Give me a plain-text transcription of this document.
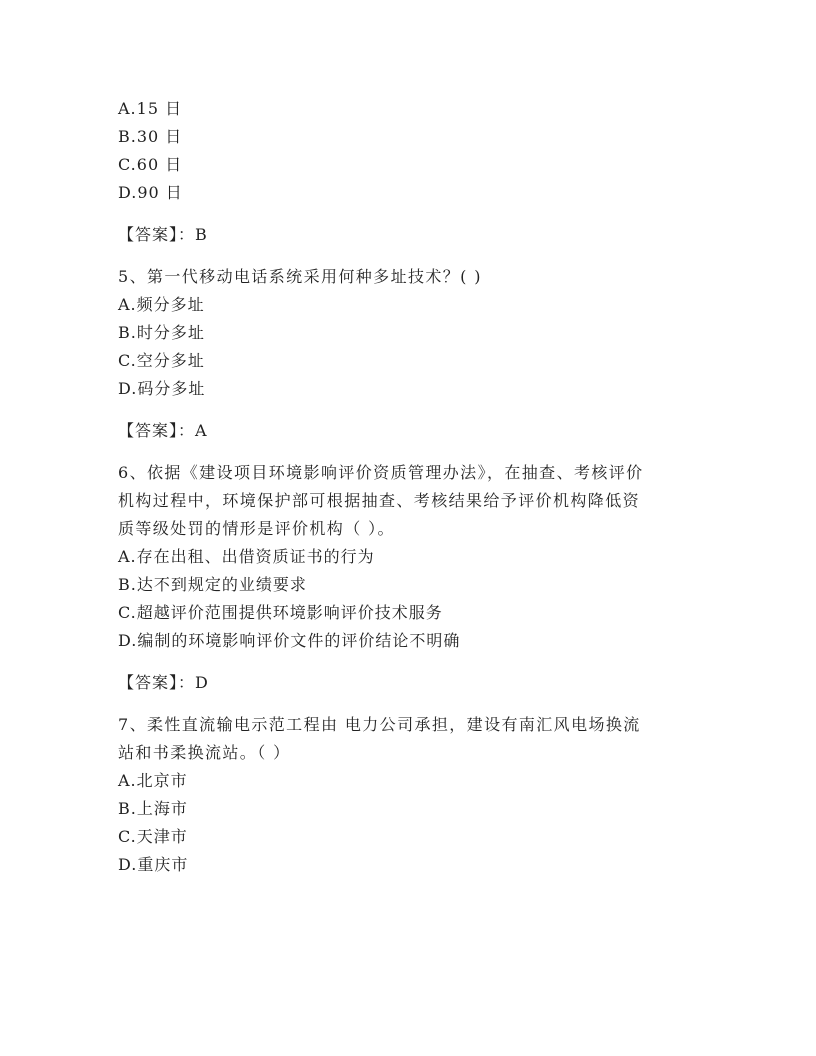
A.15 日
B.30 日
C.60 日
D.90 日
【答案】：B
5、第一代移动电话系统采用何种多址技术？( )
A.频分多址
B.时分多址
C.空分多址
D.码分多址
【答案】：A
6、依据《建设项目环境影响评价资质管理办法》，在抽查、考核评价
机构过程中，环境保护部可根据抽查、考核结果给予评价机构降低资
质等级处罚的情形是评价机构（ ）。
A.存在出租、出借资质证书的行为
B.达不到规定的业绩要求
C.超越评价范围提供环境影响评价技术服务
D.编制的环境影响评价文件的评价结论不明确
【答案】：D
7、柔性直流输电示范工程由 电力公司承担，建设有南汇风电场换流
站和书柔换流站。（ ）
A.北京市
B.上海市
C.天津市
D.重庆市
